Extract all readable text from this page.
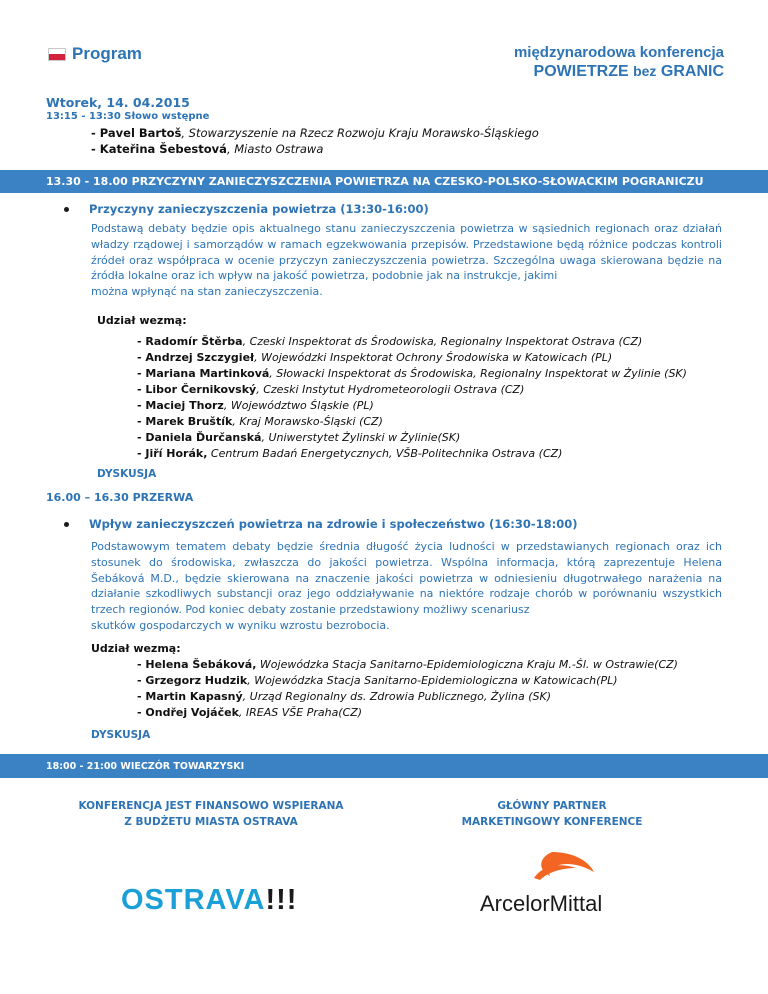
Program	międzynarodowa konferencja
POWIETRZE bez GRANIC
Wtorek, 14. 04.2015
13:15 - 13:30 Słowo wstępne
- Pavel Bartoš, Stowarzyszenie na Rzecz Rozwoju Kraju Morawsko-Śląskiego
- Kateřina Šebestová, Miasto Ostrawa
13.30 - 18.00 PRZYCZYNY ZANIECZYSZCZENIA POWIETRZA NA CZESKO-POLSKO-SŁOWACKIM POGRANICZU
Przyczyny zanieczyszczenia powietrza (13:30-16:00)
Podstawą debaty będzie opis aktualnego stanu zanieczyszczenia powietrza w sąsiednich regionach oraz działań władzy rządowej i samorządów w ramach egzekwowania przepisów. Przedstawione będą różnice podczas kontroli źródeł oraz współpraca w ocenie przyczyn zanieczyszczenia powietrza. Szczególna uwaga skierowana będzie na źródła lokalne oraz ich wpływ na jakość powietrza, podobnie jak na instrukcje, jakimi
można wpłynąć na stan zanieczyszczenia.
Udział wezmą:
- Radomír Štěrba, Czeski Inspektorat ds Środowiska, Regionalny Inspektorat Ostrava (CZ)
- Andrzej Szczygieł, Wojewódzki Inspektorat Ochrony Środowiska w Katowicach (PL)
- Mariana Martinková, Słowacki Inspektorat ds Środowiska, Regionalny Inspektorat w Żylinie (SK)
- Libor Černikovský, Czeski Instytut Hydrometeorologii Ostrava (CZ)
- Maciej Thorz, Województwo Śląskie (PL)
- Marek Bruštík, Kraj Morawsko-Śląski (CZ)
- Daniela Ďurčanská, Uniwerstytet Żylinski w Żylinie(SK)
- Jiří Horák, Centrum Badań Energetycznych, VŠB-Politechnika Ostrava (CZ)
DYSKUSJA
16.00 – 16.30 PRZERWA
Wpływ zanieczyszczeń powietrza na zdrowie i społeczeństwo (16:30-18:00)
Podstawowym tematem debaty będzie średnia długość życia ludności w przedstawianych regionach oraz ich stosunek do środowiska, zwłaszcza do jakości powietrza. Wspólna informacja, którą zaprezentuje Helena Šebáková M.D., będzie skierowana na znaczenie jakości powietrza w odniesieniu długotrwałego narażenia na działanie szkodliwych substancji oraz jego oddziaływanie na niektóre rodzaje chorób w porównaniu wszystkich trzech regionów. Pod koniec debaty zostanie przedstawiony możliwy scenariusz
skutków gospodarczych w wyniku wzrostu bezrobocia.
Udział wezmą:
- Helena Šebáková, Wojewódzka Stacja Sanitarno-Epidemiologiczna Kraju M.-Śl. w Ostrawie(CZ)
- Grzegorz Hudzik, Wojewódzka Stacja Sanitarno-Epidemiologiczna w Katowicach(PL)
- Martin Kapasný, Urząd Regionalny ds. Zdrowia Publicznego, Żylina (SK)
- Ondřej Vojáček, IREAS VŠE Praha(CZ)
DYSKUSJA
18:00 - 21:00 WIECZÓR TOWARZYSKI
KONFERENCJA JEST FINANSOWO WSPIERANA
Z BUDŻETU MIASTA OSTRAVA
GŁÓWNY PARTNER
MARKETINGOWY KONFERENCE
OSTRAVA!!!	ArcelorMittal
